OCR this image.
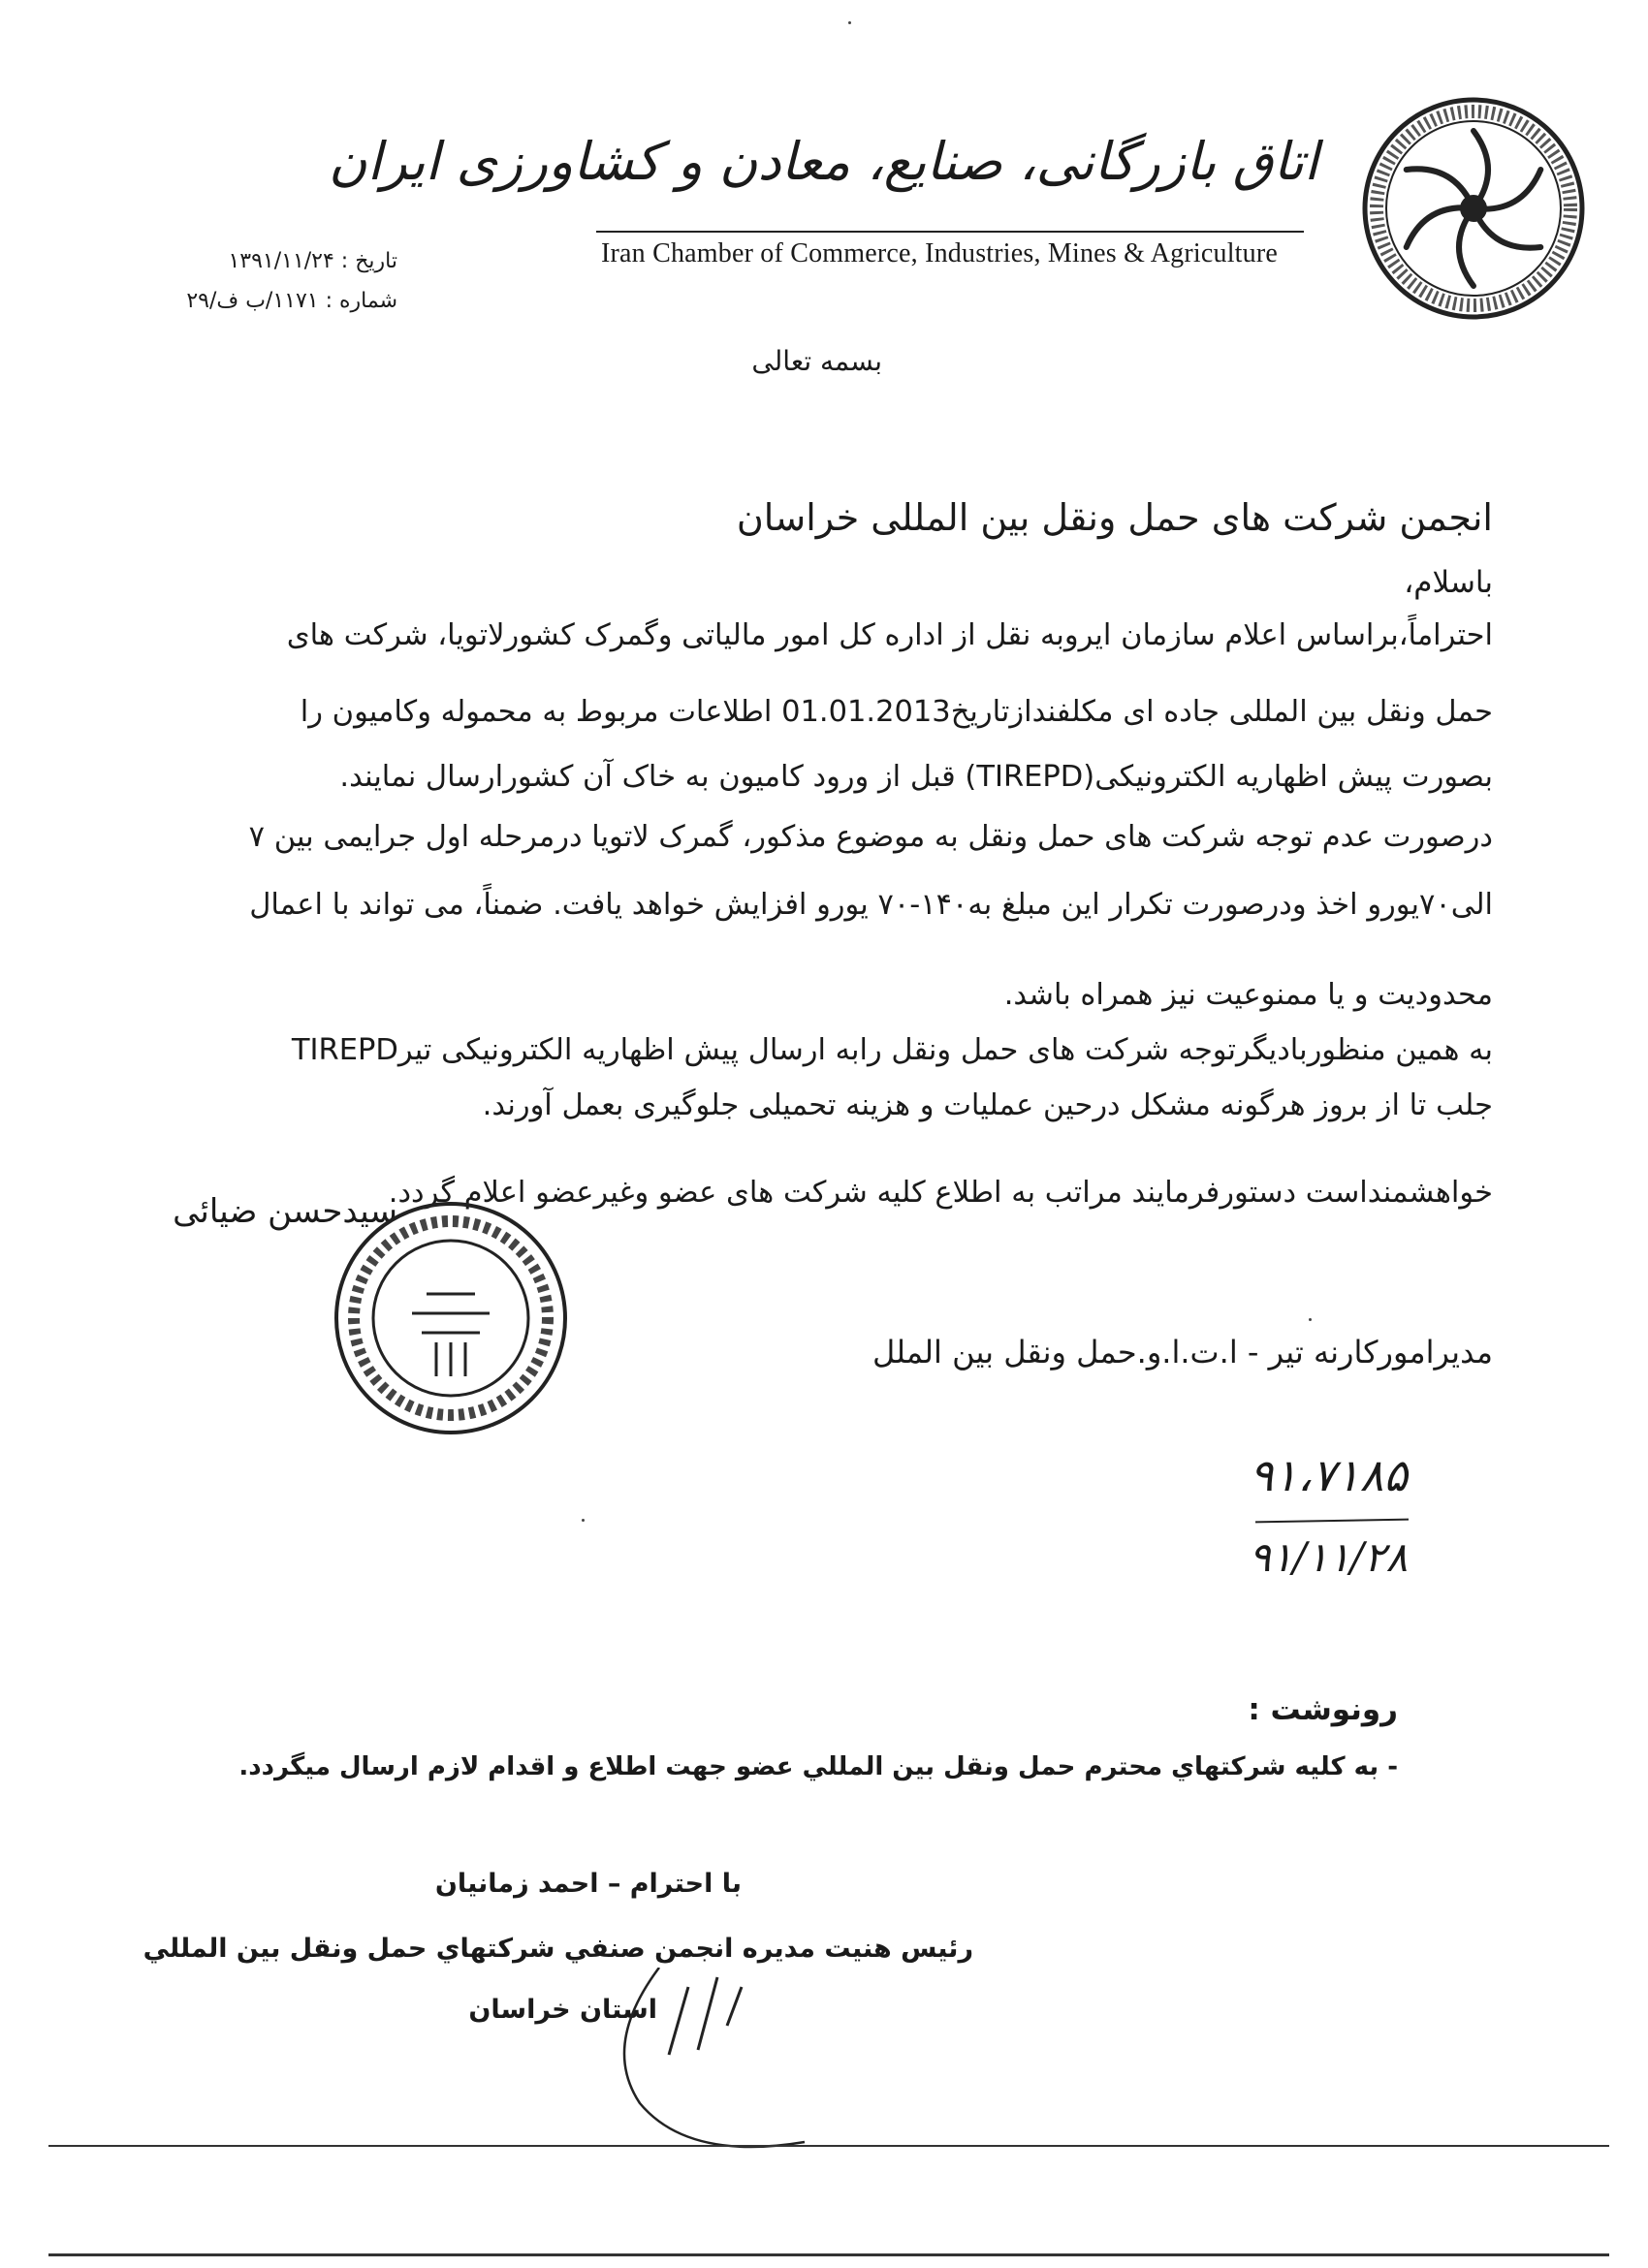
اتاق بازرگانی، صنایع، معادن و کشاورزی ایران
Iran Chamber of Commerce, Industries, Mines & Agriculture
تاریخ : ۱۳۹۱/۱۱/۲۴
شماره : ۱۱۷۱/ب ف/۲۹
بسمه تعالی
انجمن شرکت های حمل ونقل بین المللی خراسان
باسلام،
احتراماً،براساس اعلام سازمان ایروبه نقل از اداره کل امور مالیاتی وگمرک کشورلاتویا، شرکت های
حمل ونقل بین المللی جاده ای مکلفندازتاریخ01.01.2013 اطلاعات مربوط به محموله وکامیون را
بصورت پیش اظهاریه الکترونیکی(TIREPD) قبل از ورود کامیون به خاک آن کشورارسال نمایند.
درصورت عدم توجه شرکت های حمل ونقل به موضوع مذکور، گمرک لاتویا درمرحله اول جرایمی بین ۷
الی۷۰یورو اخذ ودرصورت تکرار این مبلغ به۱۴۰-۷۰ یورو افزایش خواهد یافت. ضمناً، می تواند با اعمال
محدودیت و یا ممنوعیت نیز همراه باشد.
به همین منظوربادیگرتوجه شرکت های حمل ونقل رابه ارسال پیش اظهاریه الکترونیکی تیرTIREPD
جلب تا از بروز هرگونه مشکل درحین عملیات و هزینه تحمیلی جلوگیری بعمل آورند.
خواهشمنداست دستورفرمایند مراتب به اطلاع کلیه شرکت های عضو وغیرعضو اعلام گردد.
سیدحسن ضیائی
مدیرامورکارنه تیر - ا.ت.ا.و.حمل ونقل بین الملل
۹۱،۷۱۸۵
۹۱/۱۱/۲۸
رونوشت :
- به كليه شركتهاي محترم حمل ونقل بين المللي عضو جهت اطلاع و اقدام لازم ارسال ميگردد.
با احترام – احمد زمانیان
رئیس هنیت مدیره انجمن صنفي شركتهاي حمل ونقل بين المللي
استان خراسان
